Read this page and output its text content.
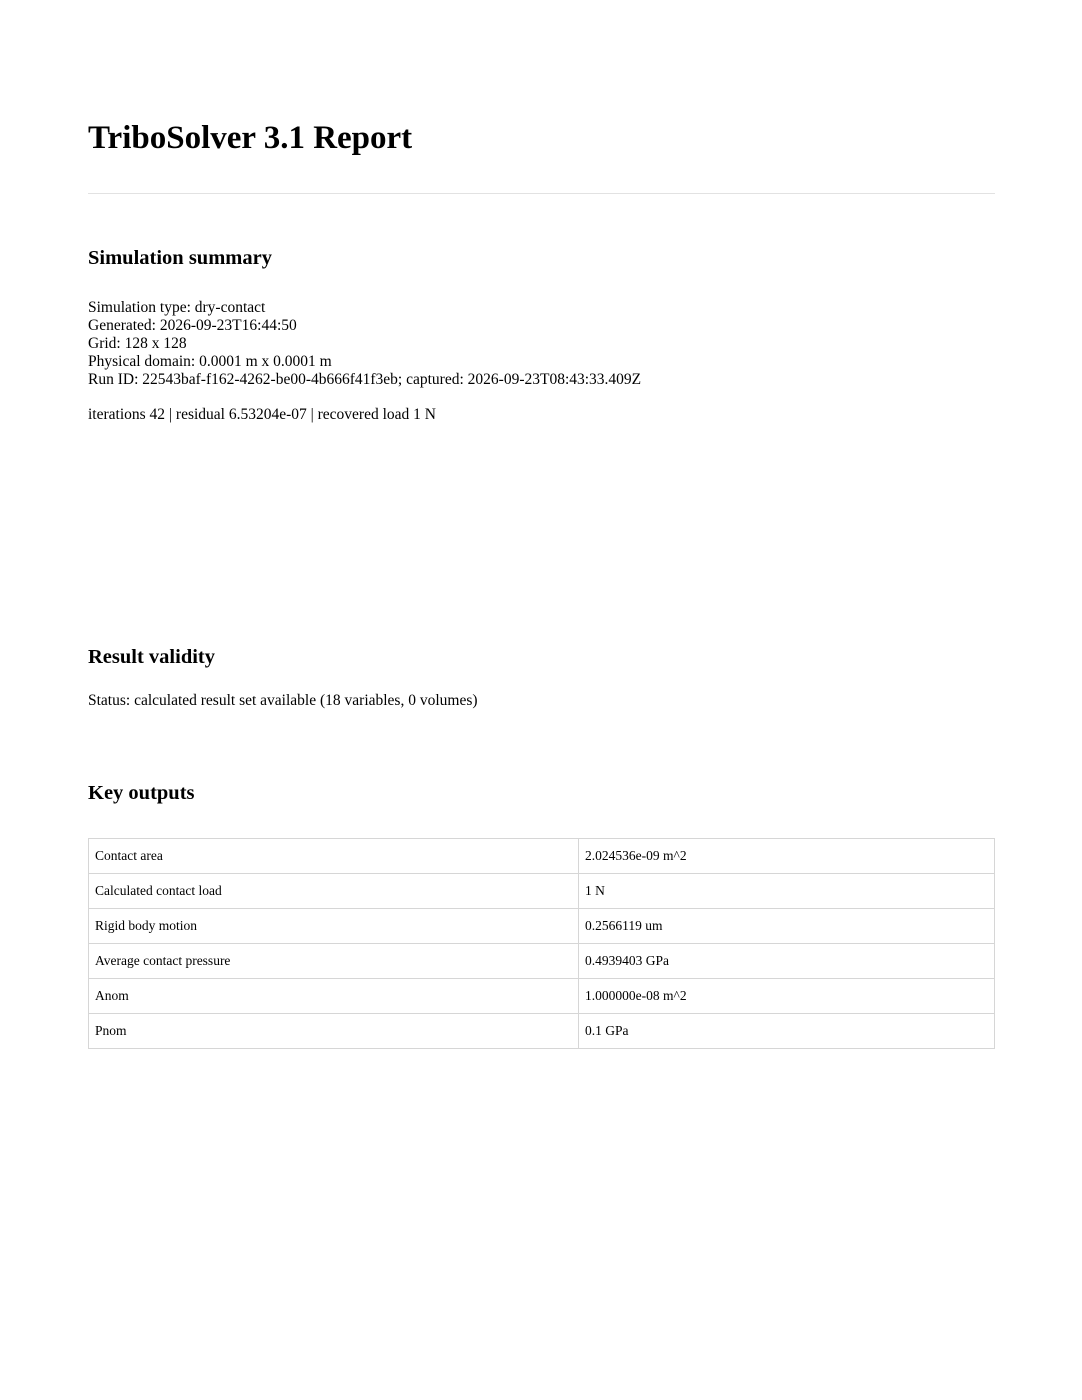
TriboSolver 3.1 Report
Simulation summary
Simulation type: dry-contact
Generated: 2026-09-23T16:44:50
Grid: 128 x 128
Physical domain: 0.0001 m x 0.0001 m
Run ID: 22543baf-f162-4262-be00-4b666f41f3eb; captured: 2026-09-23T08:43:33.409Z
iterations 42 | residual 6.53204e-07 | recovered load 1 N
Result validity
Status: calculated result set available (18 variables, 0 volumes)
Key outputs
Contact area	2.024536e-09 m^2
Calculated contact load	1 N
Rigid body motion	0.2566119 um
Average contact pressure	0.4939403 GPa
Anom	1.000000e-08 m^2
Pnom	0.1 GPa
